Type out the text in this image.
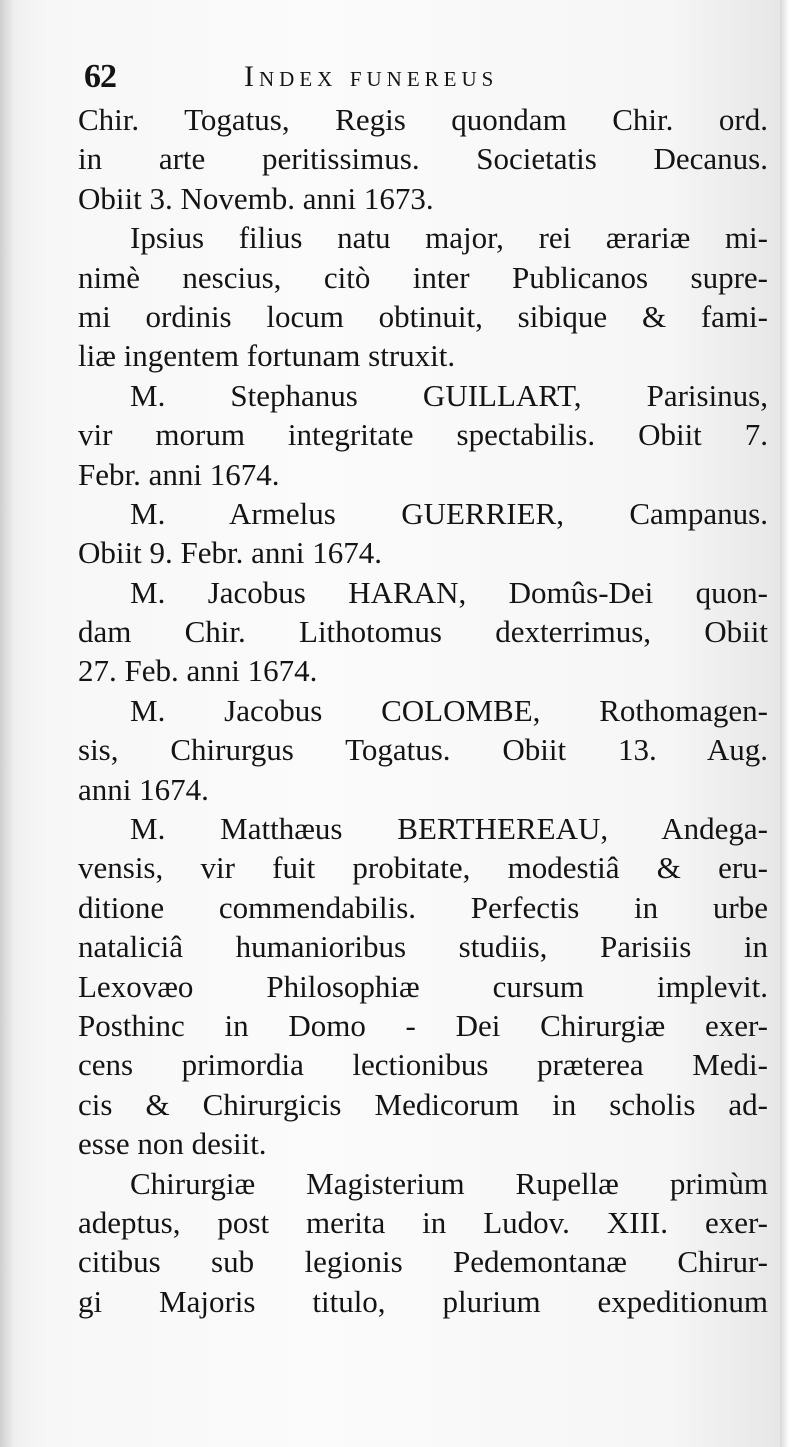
62	Index funereus
Chir. Togatus, Regis quondam Chir. ord.
in arte peritissimus. Societatis Decanus.
Obiit 3. Novemb. anni 1673.
Ipsius filius natu major, rei ærariæ mi-
nimè nescius, citò inter Publicanos supre-
mi ordinis locum obtinuit, sibique & fami-
liæ ingentem fortunam struxit.
M. Stephanus GUILLART, Parisinus,
vir morum integritate spectabilis. Obiit 7.
Febr. anni 1674.
M. Armelus GUERRIER, Campanus.
Obiit 9. Febr. anni 1674.
M. Jacobus HARAN, Domûs-Dei quon-
dam Chir. Lithotomus dexterrimus, Obiit
27. Feb. anni 1674.
M. Jacobus COLOMBE, Rothomagen-
sis, Chirurgus Togatus. Obiit 13. Aug.
anni 1674.
M. Matthæus BERTHEREAU, Andega-
vensis, vir fuit probitate, modestiâ & eru-
ditione commendabilis. Perfectis in urbe
nataliciâ humanioribus studiis, Parisiis in
Lexovæo Philosophiæ cursum implevit.
Posthinc in Domo - Dei Chirurgiæ exer-
cens primordia lectionibus præterea Medi-
cis & Chirurgicis Medicorum in scholis ad-
esse non desiit.
Chirurgiæ Magisterium Rupellæ primùm
adeptus, post merita in Ludov. XIII. exer-
citibus sub legionis Pedemontanæ Chirur-
gi Majoris titulo, plurium expeditionum
